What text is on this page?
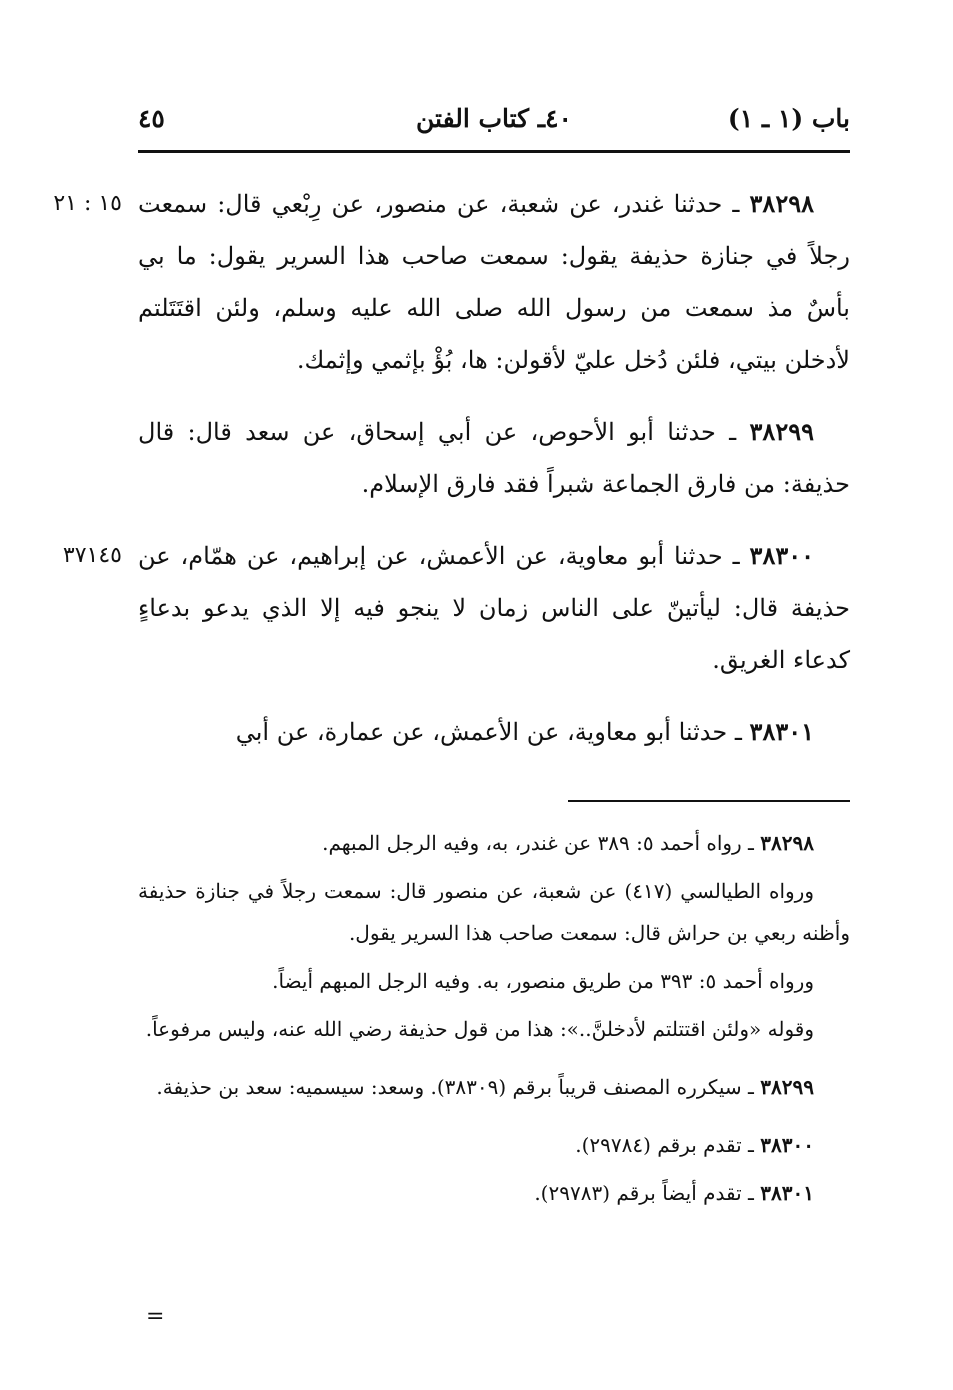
باب (١ ـ ١)
٤٠ـ كتاب الفتن
٤٥
١٥ : ٢١	٣٨٢٩٨ ـ حدثنا غندر، عن شعبة، عن منصور، عن رِبْعي قال: سمعت رجلاً في جنازة حذيفة يقول: سمعت صاحب هذا السرير يقول: ما بي بأسٌ مذ سمعت من رسول الله صلى الله عليه وسلم، ولئن اقتَتَلتم لأدخلن بيتي، فلئن دُخل عليّ لأقولن: ها، بُؤْ بإثمي وإثمك.
٣٨٢٩٩ ـ حدثنا أبو الأحوص، عن أبي إسحاق، عن سعد قال: قال حذيفة: من فارق الجماعة شبراً فقد فارق الإسلام.
٣٧١٤٥	٣٨٣٠٠ ـ حدثنا أبو معاوية، عن الأعمش، عن إبراهيم، عن همّام، عن حذيفة قال: ليأتينّ على الناس زمان لا ينجو فيه إلا الذي يدعو بدعاءٍ كدعاء الغريق.
٣٨٣٠١ ـ حدثنا أبو معاوية، عن الأعمش، عن عمارة، عن أبي
٣٨٢٩٨ ـ رواه أحمد ٥: ٣٨٩ عن غندر، به، وفيه الرجل المبهم.
ورواه الطيالسي (٤١٧) عن شعبة، عن منصور قال: سمعت رجلاً في جنازة حذيفة وأظنه ربعي بن حراش قال: سمعت صاحب هذا السرير يقول.
ورواه أحمد ٥: ٣٩٣ من طريق منصور، به. وفيه الرجل المبهم أيضاً.
وقوله «ولئن اقتتلتم لأدخلنَّ..»: هذا من قول حذيفة رضي الله عنه، وليس مرفوعاً.
٣٨٢٩٩ ـ سيكرره المصنف قريباً برقم (٣٨٣٠٩). وسعد: سيسميه: سعد بن حذيفة.
٣٨٣٠٠ ـ تقدم برقم (٢٩٧٨٤).
٣٨٣٠١ ـ تقدم أيضاً برقم (٢٩٧٨٣).
=
